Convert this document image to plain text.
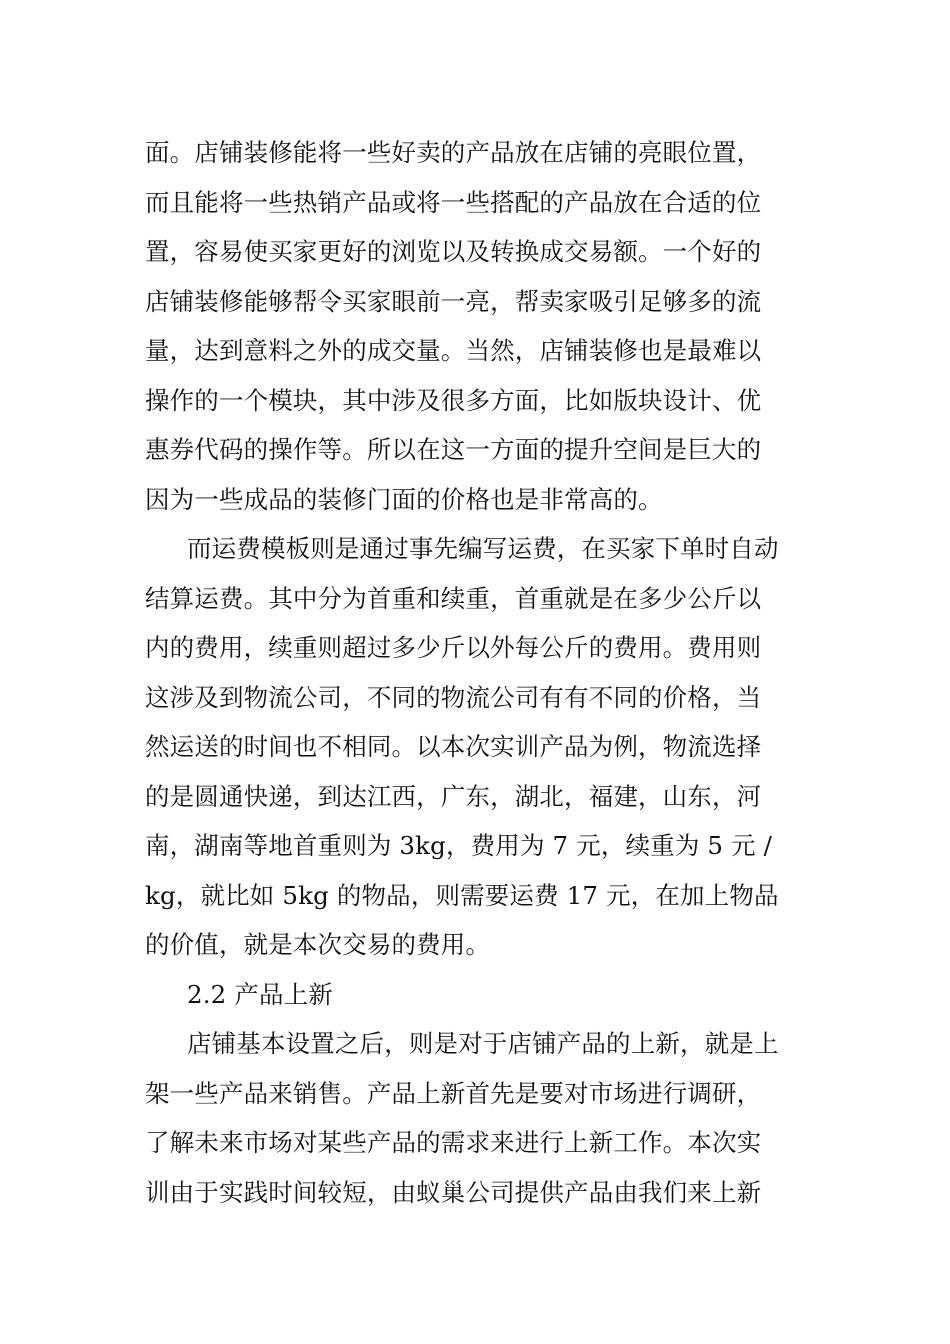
面。店铺装修能将一些好卖的产品放在店铺的亮眼位置，
而且能将一些热销产品或将一些搭配的产品放在合适的位
置，容易使买家更好的浏览以及转换成交易额。一个好的
店铺装修能够帮令买家眼前一亮，帮卖家吸引足够多的流
量，达到意料之外的成交量。当然，店铺装修也是最难以
操作的一个模块，其中涉及很多方面，比如版块设计、优
惠券代码的操作等。所以在这一方面的提升空间是巨大的
因为一些成品的装修门面的价格也是非常高的。
而运费模板则是通过事先编写运费，在买家下单时自动
结算运费。其中分为首重和续重，首重就是在多少公斤以
内的费用，续重则超过多少斤以外每公斤的费用。费用则
这涉及到物流公司，不同的物流公司有有不同的价格，当
然运送的时间也不相同。以本次实训产品为例，物流选择
的是圆通快递，到达江西，广东，湖北，福建，山东，河
南，湖南等地首重则为 3kg，费用为 7 元，续重为 5 元 /
kg，就比如 5kg 的物品，则需要运费 17 元，在加上物品
的价值，就是本次交易的费用。
2.2 产品上新
店铺基本设置之后，则是对于店铺产品的上新，就是上
架一些产品来销售。产品上新首先是要对市场进行调研，
了解未来市场对某些产品的需求来进行上新工作。本次实
训由于实践时间较短，由蚁巢公司提供产品由我们来上新
